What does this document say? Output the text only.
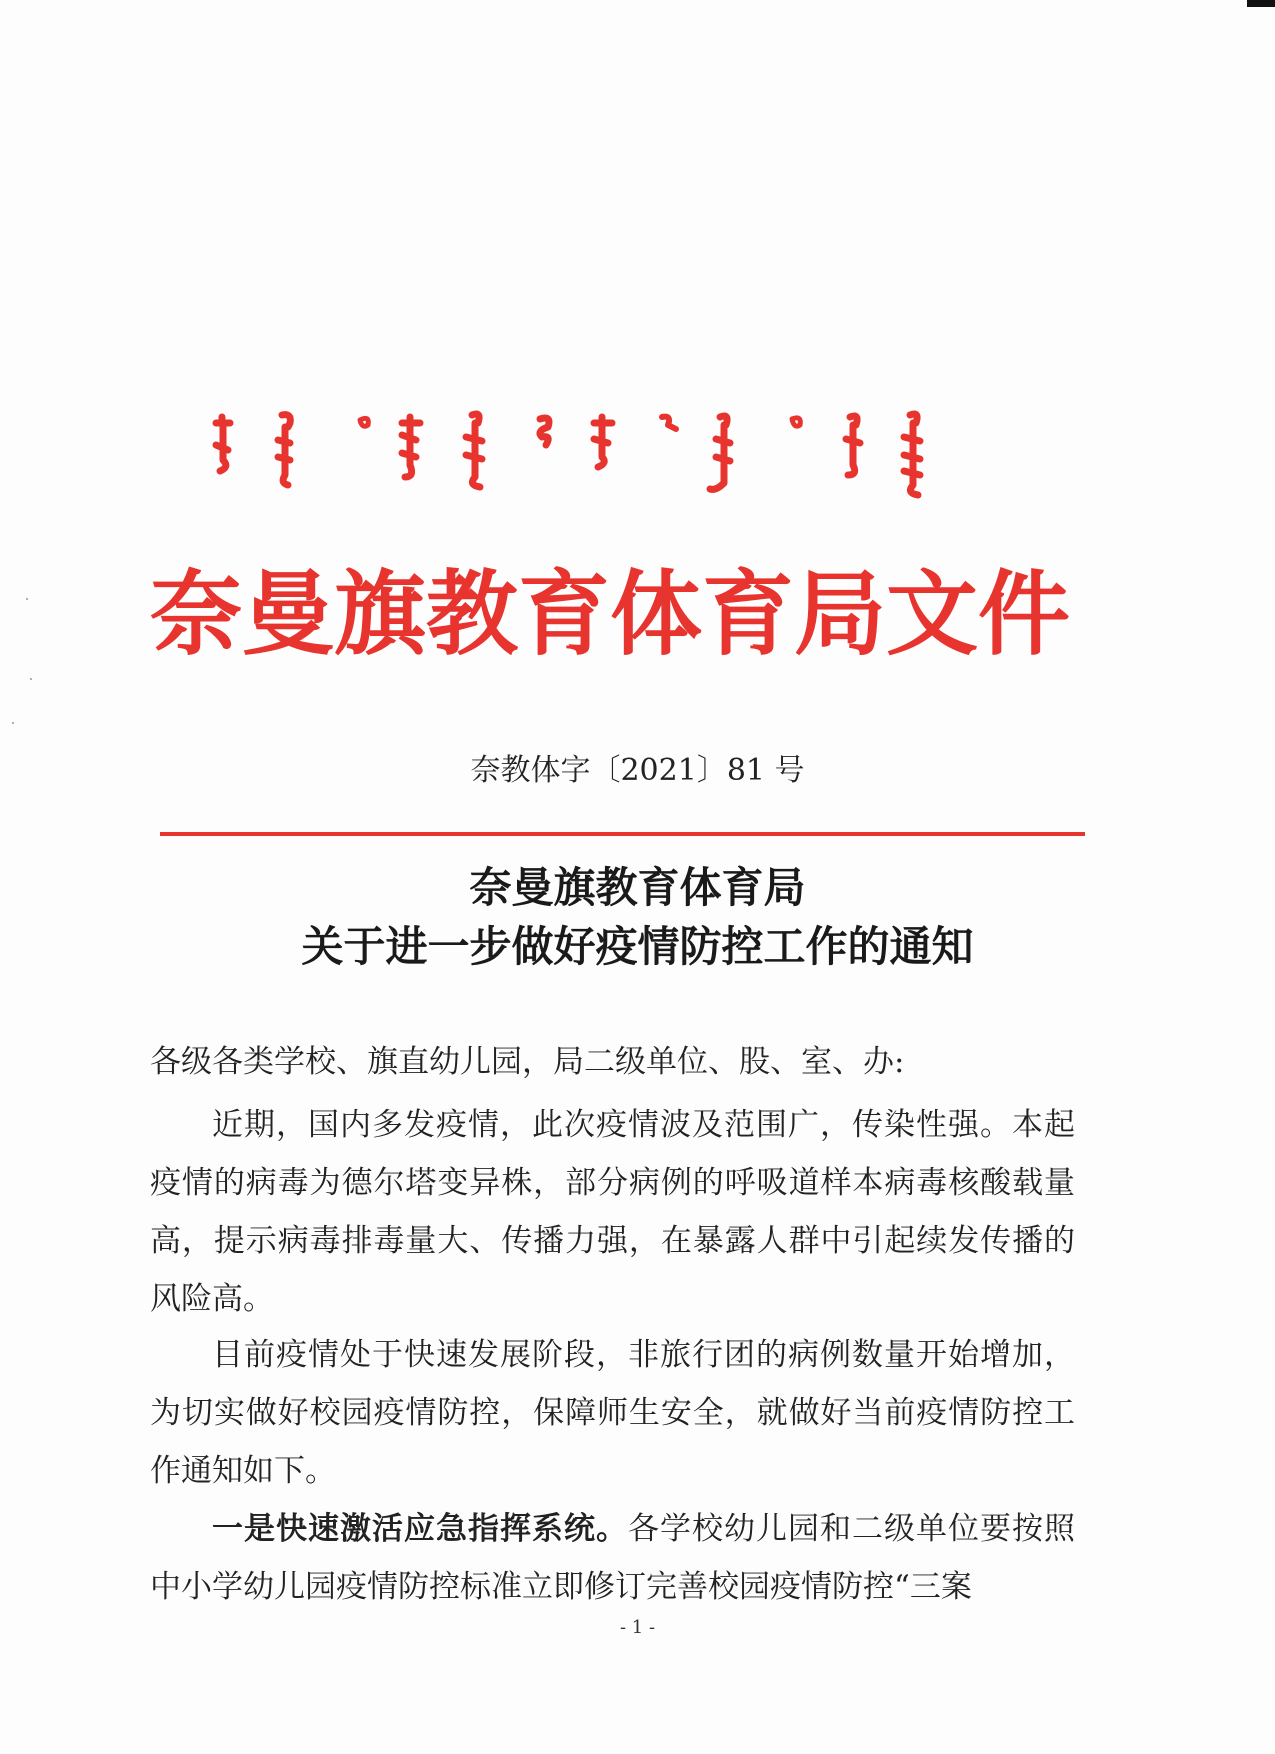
奈曼旗教育体育局文件
奈教体字〔2021〕81 号
奈曼旗教育体育局
关于进一步做好疫情防控工作的通知
各级各类学校、旗直幼儿园，局二级单位、股、室、办:
近期，国内多发疫情，此次疫情波及范围广，传染性强。本起疫情的病毒为德尔塔变异株，部分病例的呼吸道样本病毒核酸载量高，提示病毒排毒量大、传播力强，在暴露人群中引起续发传播的风险高。
目前疫情处于快速发展阶段，非旅行团的病例数量开始增加，为切实做好校园疫情防控，保障师生安全，就做好当前疫情防控工作通知如下。
一是快速激活应急指挥系统。各学校幼儿园和二级单位要按照中小学幼儿园疫情防控标准立即修订完善校园疫情防控“三案
- 1 -
